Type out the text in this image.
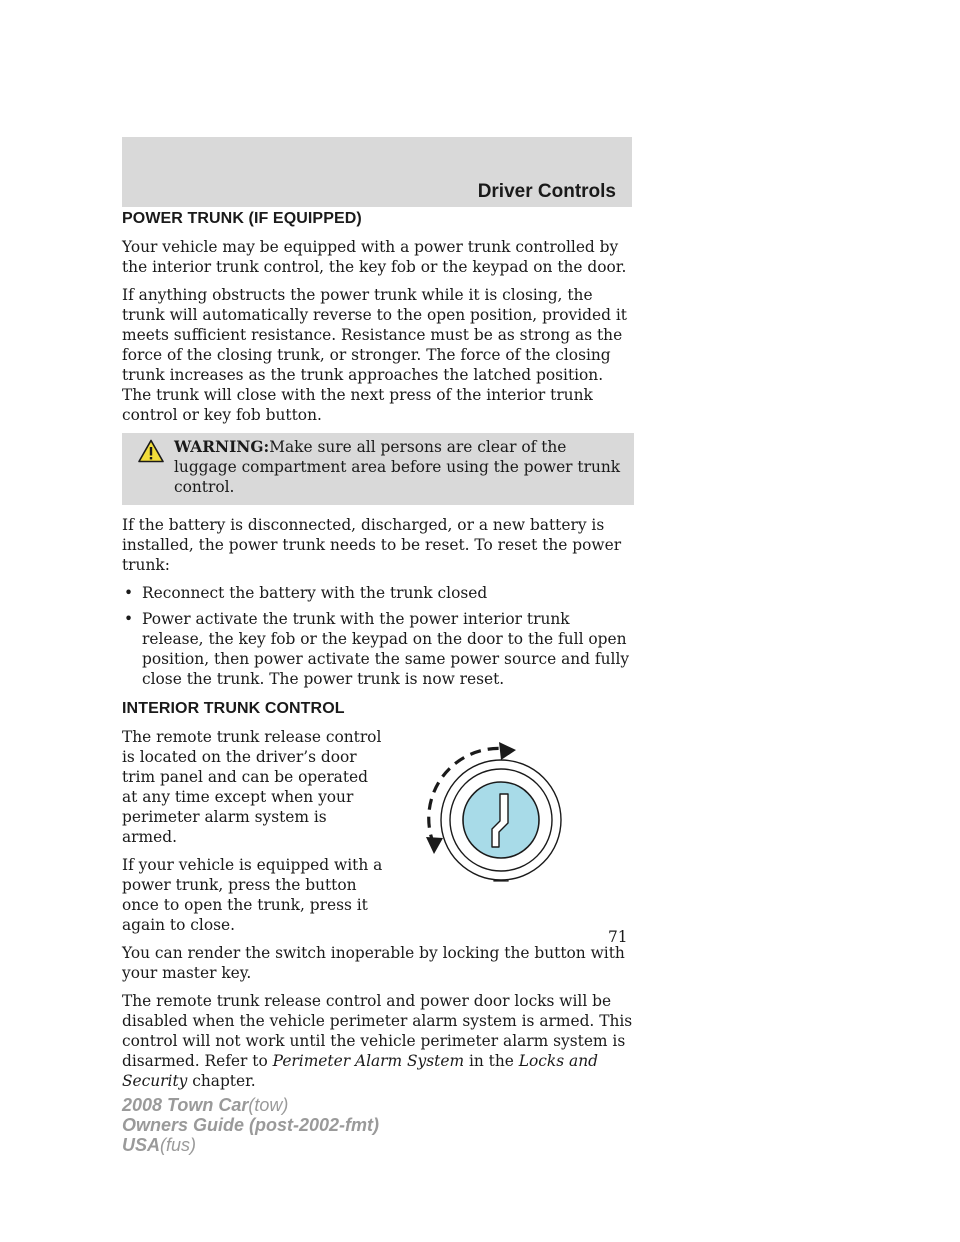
Driver Controls
POWER TRUNK (IF EQUIPPED)

Your vehicle may be equipped with a power trunk controlled by the interior trunk control, the key fob or the keypad on the door.

If anything obstructs the power trunk while it is closing, the trunk will automatically reverse to the open position, provided it meets sufficient resistance. Resistance must be as strong as the force of the closing trunk, or stronger. The force of the closing trunk increases as the trunk approaches the latched position. The trunk will close with the next press of the interior trunk control or key fob button.

WARNING:Make sure all persons are clear of the luggage compartment area before using the power trunk control.

If the battery is disconnected, discharged, or a new battery is installed, the power trunk needs to be reset. To reset the power trunk:

• Reconnect the battery with the trunk closed
• Power activate the trunk with the power interior trunk release, the key fob or the keypad on the door to the full open position, then power activate the same power source and fully close the trunk. The power trunk is now reset.
INTERIOR TRUNK CONTROL

The remote trunk release control is located on the driver’s door trim panel and can be operated at any time except when your perimeter alarm system is armed.

If your vehicle is equipped with a power trunk, press the button once to open the trunk, press it again to close.

You can render the switch inoperable by locking the button with your master key.

The remote trunk release control and power door locks will be disabled when the vehicle perimeter alarm system is armed. This control will not work until the vehicle perimeter alarm system is disarmed. Refer to Perimeter Alarm System in the Locks and Security chapter.

71
2008 Town Car(tow)
Owners Guide (post-2002-fmt)
USA(fus)
